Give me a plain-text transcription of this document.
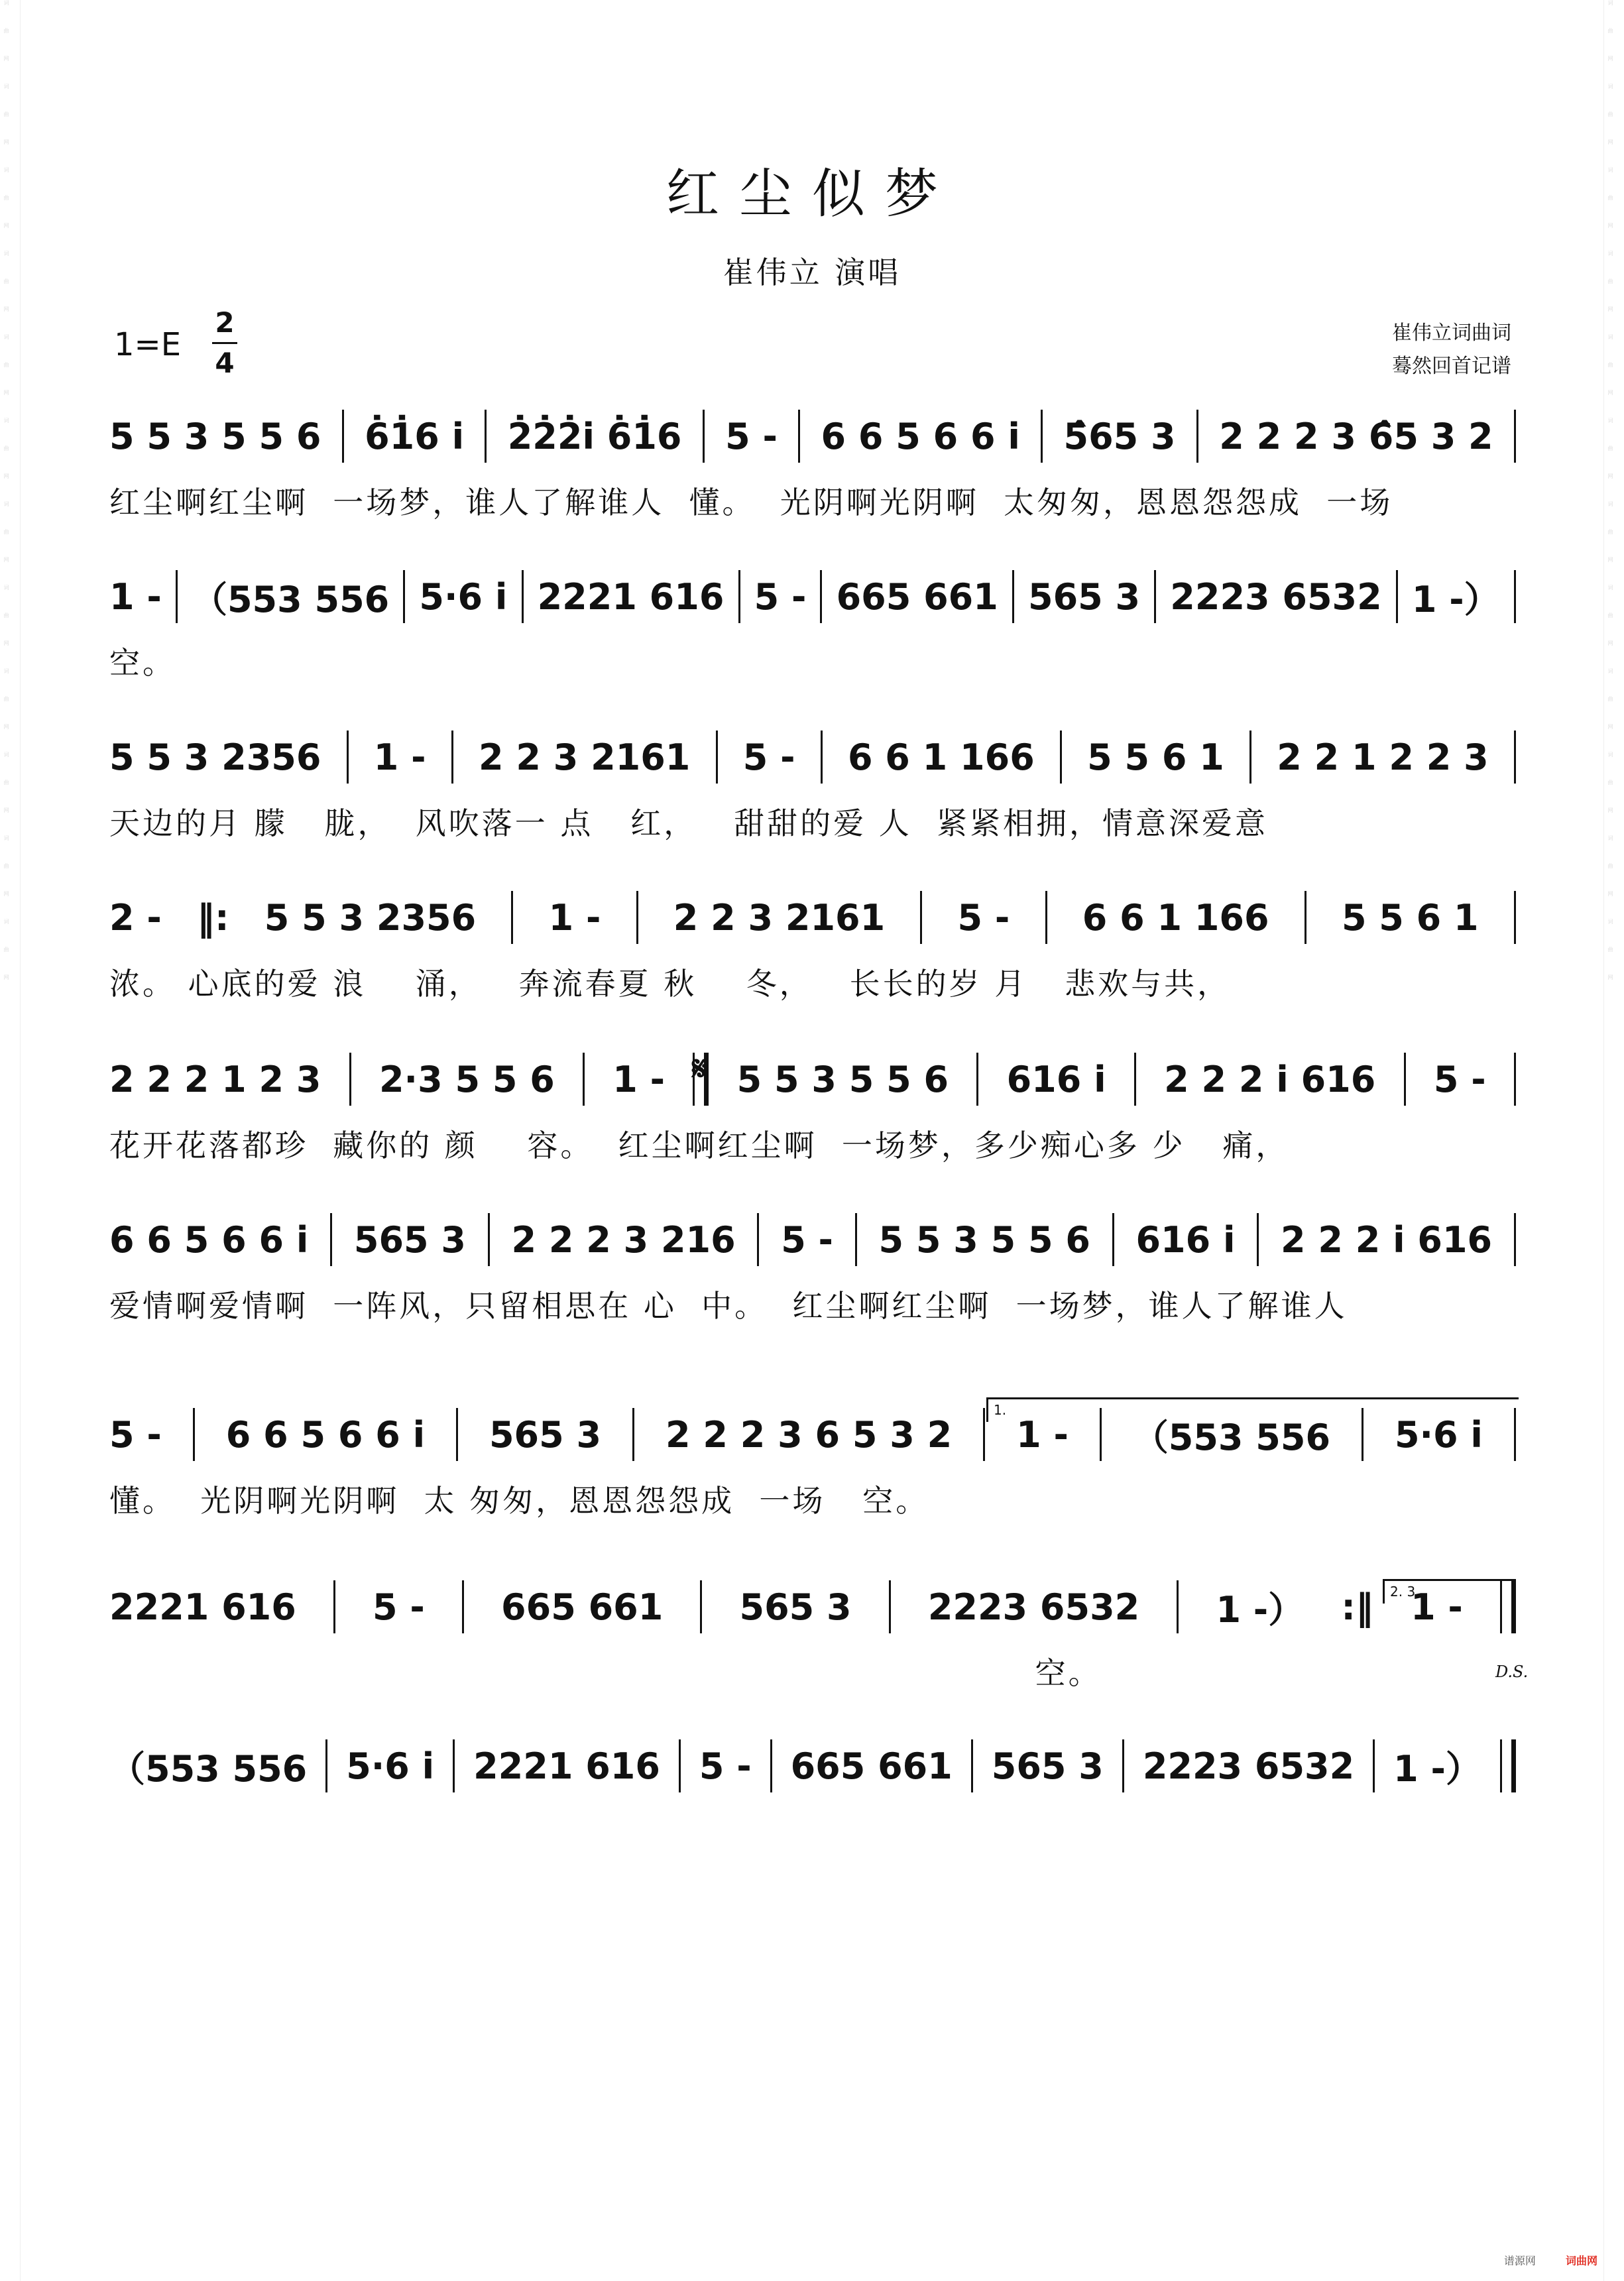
词曲网词曲网词曲网词曲网词曲网词曲网词曲网词曲网词曲网词曲网词曲网词曲网	词曲网词曲网词曲网词曲网词曲网词曲网词曲网词曲网词曲网词曲网词曲网词曲网
红尘似梦
崔伟立 演唱
1=E
2
4
崔伟立词曲词
蓦然回首记谱
5 5 3 5 5 6 6̇1̇6 i 2̇2̇2̇i 6̇1̇6 5 - 6 6 5 6 6 i 5̂65 3 2 2 2 3 6̂5 3 2
红尘啊红尘啊  一场梦，谁人了解谁人  懂。  光阴啊光阴啊  太匆匆，恩恩怨怨成  一场
1 - （553 556 5·6 i 2221 616 5 - 665 661 565 3 2223 6532 1 -）
空。
5 5 3 2356 1 - 2 2 3 2161 5 - 6 6 1 166 5 5 6 1 2 2 1 2 2 3
天边的月 朦   胧，  风吹落一 点   红，   甜甜的爱 人  紧紧相拥，情意深爱意
2 - ‖: 5 5 3 2356 1 - 2 2 3 2161 5 - 6 6 1 166 5 5 6 1
浓。 心底的爱 浪    涌，   奔流春夏 秋    冬，   长长的岁 月   悲欢与共，
2 2 2 1 2 3 2·3 5 5 6 1 - 5 5 3 5 5 6 616 i 2 2 2 i 616 5 -
花开花落都珍  藏你的 颜    容。  红尘啊红尘啊  一场梦，多少痴心多 少   痛，
6 6 5 6 6 i 565 3 2 2 2 3 216 5 - 5 5 3 5 5 6 616 i 2 2 2 i 616
爱情啊爱情啊  一阵风，只留相思在 心  中。  红尘啊红尘啊  一场梦，谁人了解谁人
5 - 6 6 5 6 6 i 565 3 2 2 2 3 6 5 3 2 1 - （553 556 5·6 i
懂。  光阴啊光阴啊  太 匆匆，恩恩怨怨成  一场   空。
2221 616 5 - 665 661 565 3 2223 6532 1 -） :‖ 1 -
空。
（553 556 5·6 i 2221 616 5 - 665 661 565 3 2223 6532 1 -）
1.
2. 3.
𝄋
D.S.
谱源网	词曲网
